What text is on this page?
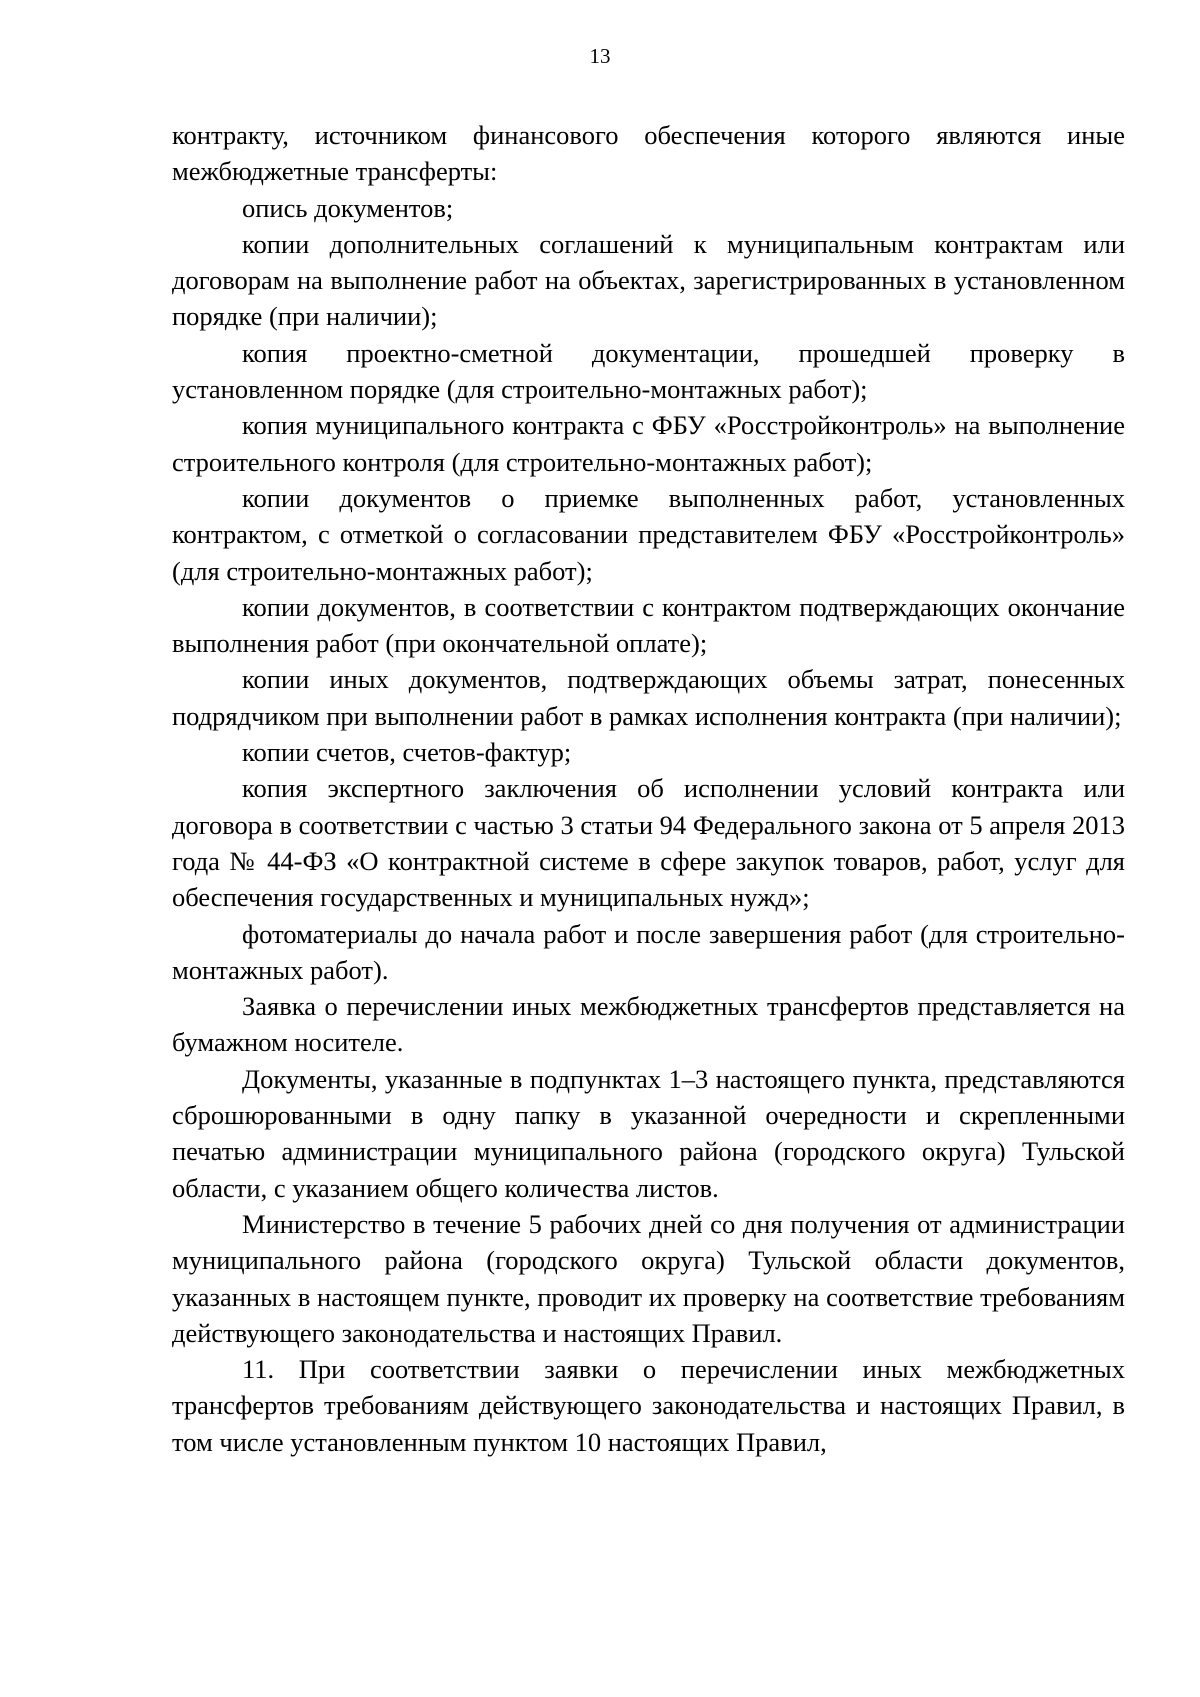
13

контракту, источником финансового обеспечения которого являются иные межбюджетные трансферты:

опись документов;

копии дополнительных соглашений к муниципальным контрактам или договорам на выполнение работ на объектах, зарегистрированных в установленном порядке (при наличии);

копия проектно-сметной документации, прошедшей проверку в установленном порядке (для строительно-монтажных работ);

копия муниципального контракта с ФБУ «Росстройконтроль» на выполнение строительного контроля (для строительно-монтажных работ);

копии документов о приемке выполненных работ, установленных контрактом, с отметкой о согласовании представителем ФБУ «Росстройконтроль» (для строительно-монтажных работ);

копии документов, в соответствии с контрактом подтверждающих окончание выполнения работ (при окончательной оплате);

копии иных документов, подтверждающих объемы затрат, понесенных подрядчиком при выполнении работ в рамках исполнения контракта (при наличии);

копии счетов, счетов-фактур;

копия экспертного заключения об исполнении условий контракта или договора в соответствии с частью 3 статьи 94 Федерального закона от 5 апреля 2013 года № 44-ФЗ «О контрактной системе в сфере закупок товаров, работ, услуг для обеспечения государственных и муниципальных нужд»;

фотоматериалы до начала работ и после завершения работ (для строительно-монтажных работ).

Заявка о перечислении иных межбюджетных трансфертов представляется на бумажном носителе.

Документы, указанные в подпунктах 1–3 настоящего пункта, представляются сброшюрованными в одну папку в указанной очередности и скрепленными печатью администрации муниципального района (городского округа) Тульской области, с указанием общего количества листов.

Министерство в течение 5 рабочих дней со дня получения от администрации муниципального района (городского округа) Тульской области документов, указанных в настоящем пункте, проводит их проверку на соответствие требованиям действующего законодательства и настоящих Правил.

11. При соответствии заявки о перечислении иных межбюджетных трансфертов требованиям действующего законодательства и настоящих Правил, в том числе установленным пунктом 10 настоящих Правил,
